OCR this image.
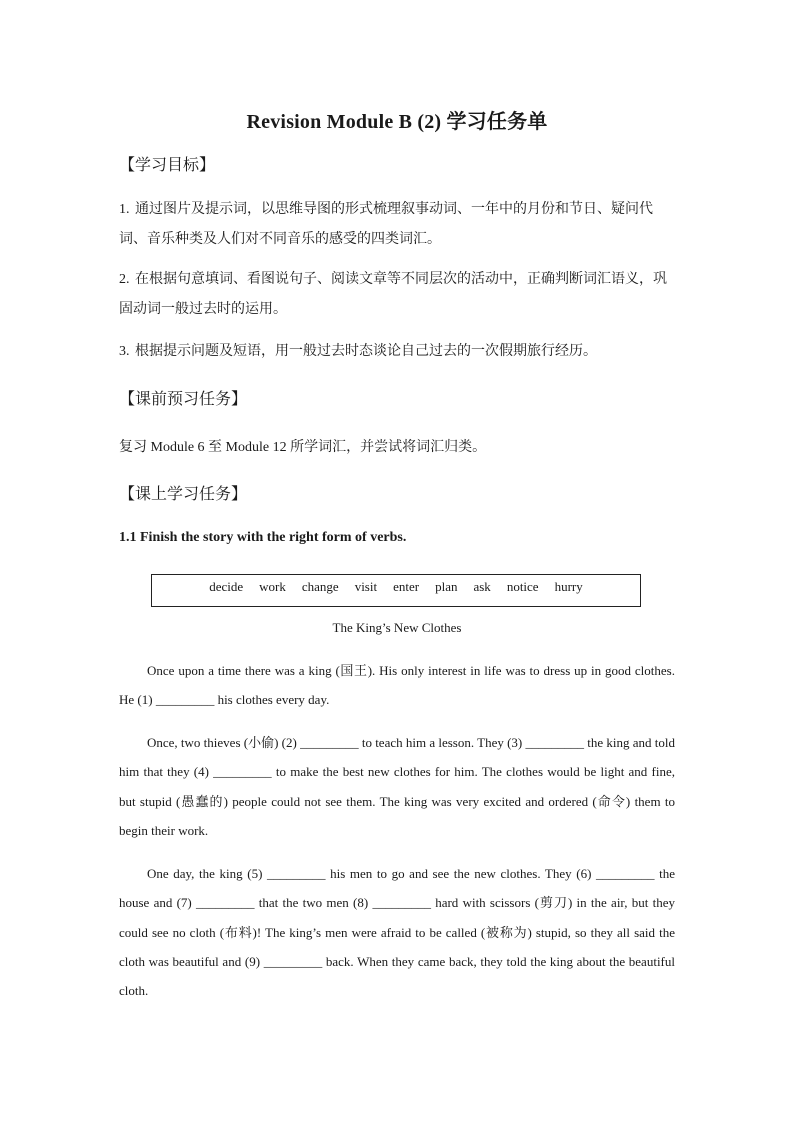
Revision Module B (2) 学习任务单
【学习目标】
1. 通过图片及提示词，以思维导图的形式梳理叙事动词、一年中的月份和节日、疑问代词、音乐种类及人们对不同音乐的感受的四类词汇。
2. 在根据句意填词、看图说句子、阅读文章等不同层次的活动中，正确判断词汇语义，巩固动词一般过去时的运用。
3. 根据提示问题及短语，用一般过去时态谈论自己过去的一次假期旅行经历。
【课前预习任务】
复习 Module 6 至 Module 12 所学词汇，并尝试将词汇归类。
【课上学习任务】
1.1 Finish the story with the right form of verbs.
decide work change visit enter plan ask notice hurry
The King’s New Clothes

Once upon a time there was a king (国王). His only interest in life was to dress up in good clothes. He (1) _________ his clothes every day.

Once, two thieves (小偷) (2) _________ to teach him a lesson. They (3) _________ the king and told him that they (4) _________ to make the best new clothes for him. The clothes would be light and fine, but stupid (愚蠢的) people could not see them. The king was very excited and ordered (命令) them to begin their work.

One day, the king (5) _________ his men to go and see the new clothes. They (6) _________ the house and (7) _________ that the two men (8) _________ hard with scissors (剪刀) in the air, but they could see no cloth (布料)! The king’s men were afraid to be called (被称为) stupid, so they all said the cloth was beautiful and (9) _________ back. When they came back, they told the king about the beautiful cloth.
